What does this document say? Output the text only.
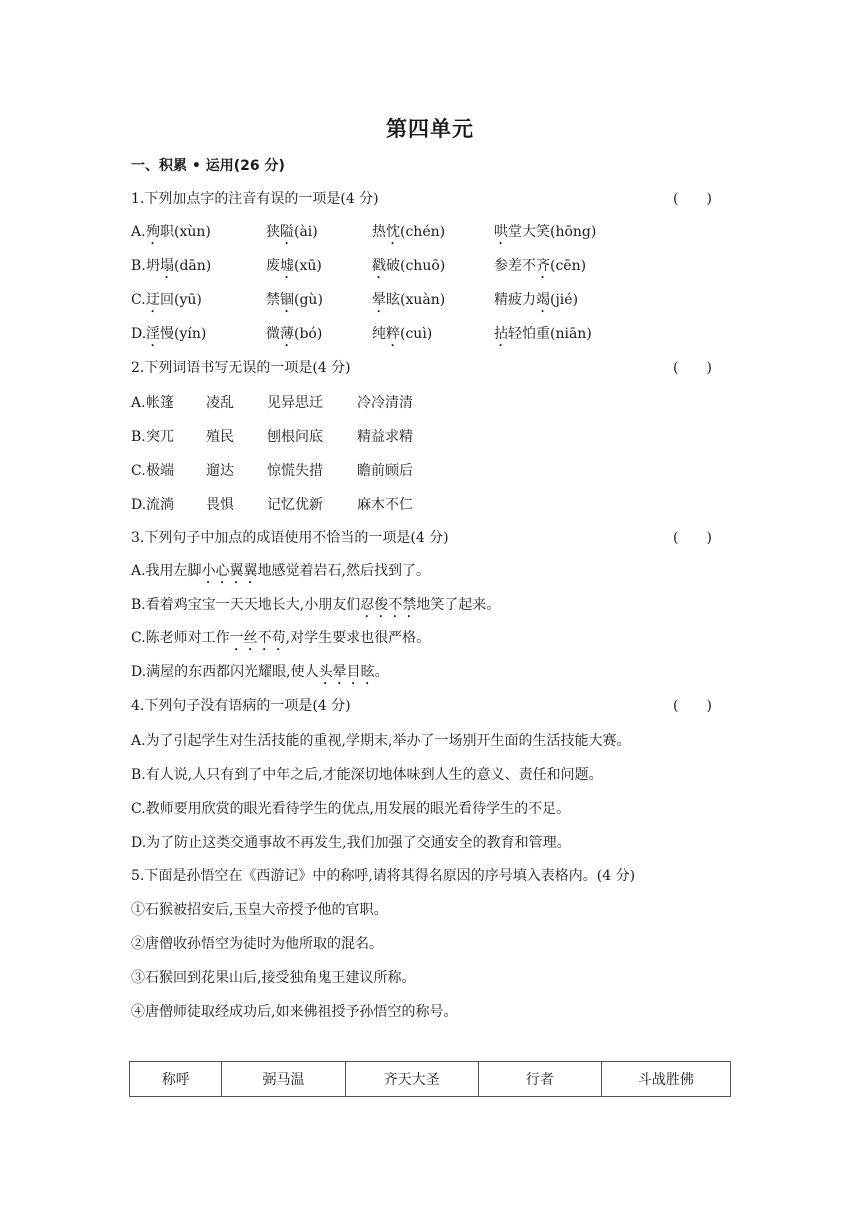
第四单元
一、积累 • 运用(26 分)
1.下列加点字的注音有误的一项是(4 分)	(　　)
A. 殉职(xùn)	狭隘(ài)	热忱(chén)	哄堂大笑(hōng)
B. 坍塌(dān)	废墟(xū)	戳破(chuō)	参差不齐(cēn)
C. 迂回(yū)	禁锢(gù)	晕眩(xuàn)	精疲力竭(jié)
D. 淫慢(yín)	微薄(bó)	纯粹(cuì)	拈轻怕重(niān)
2.下列词语书写无误的一项是(4 分)	(　　)
A. 帐篷 凌乱 见异思迁 冷冷清清
B. 突兀 殖民 刨根问底 精益求精
C. 极端 遛达 惊慌失措 瞻前顾后
D. 流淌 畏惧 记忆优新 麻木不仁
3.下列句子中加点的成语使用不恰当的一项是(4 分)	(　　)
A.我用左脚小心翼翼地感觉着岩石,然后找到了。
B.看着鸡宝宝一天天地长大,小朋友们忍俊不禁地笑了起来。
C.陈老师对工作一丝不苟,对学生要求也很严格。
D.满屋的东西都闪光耀眼,使人头晕目眩。
4.下列句子没有语病的一项是(4 分)	(　　)
A.为了引起学生对生活技能的重视,学期末,举办了一场别开生面的生活技能大赛。
B.有人说,人只有到了中年之后,才能深切地体味到人生的意义、责任和问题。
C.教师要用欣赏的眼光看待学生的优点,用发展的眼光看待学生的不足。
D.为了防止这类交通事故不再发生,我们加强了交通安全的教育和管理。
5.下面是孙悟空在《西游记》中的称呼,请将其得名原因的序号填入表格内。(4 分)
①石猴被招安后,玉皇大帝授予他的官职。
②唐僧收孙悟空为徒时为他所取的混名。
③石猴回到花果山后,接受独角鬼王建议所称。
④唐僧师徒取经成功后,如来佛祖授予孙悟空的称号。
称呼	弼马温	齐天大圣	行者	斗战胜佛
